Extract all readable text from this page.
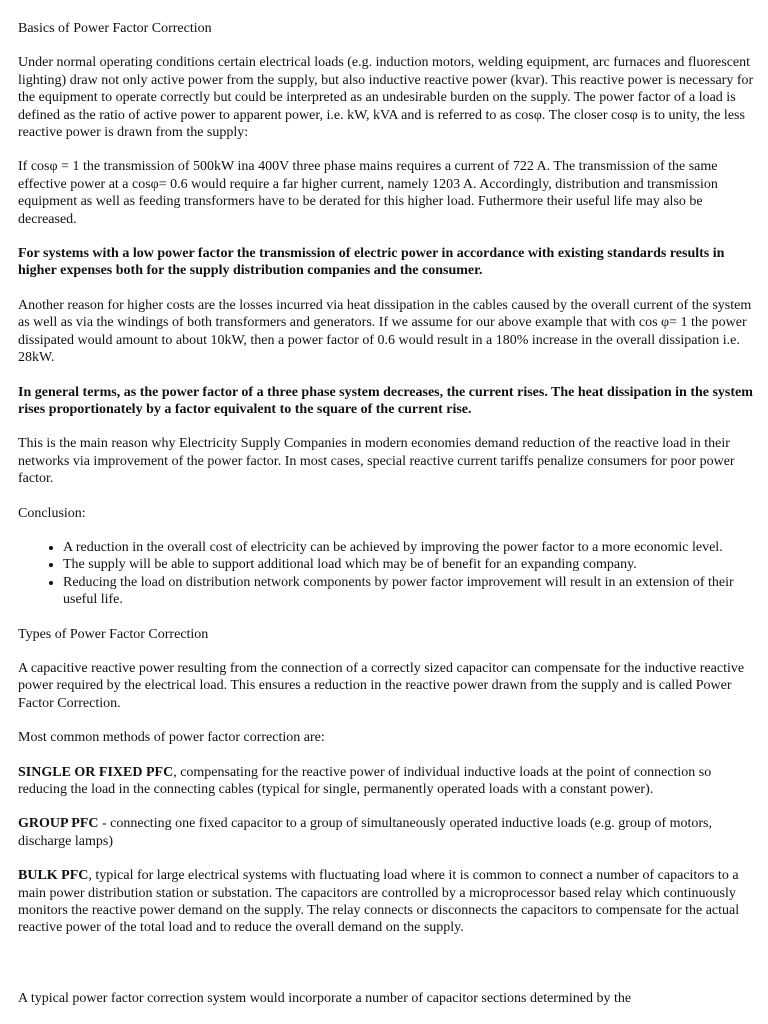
Basics of Power Factor Correction

Under normal operating conditions certain electrical loads (e.g. induction motors, welding equipment, arc furnaces and fluorescent lighting) draw not only active power from the supply, but also inductive reactive power (kvar). This reactive power is necessary for the equipment to operate correctly but could be interpreted as an undesirable burden on the supply. The power factor of a load is defined as the ratio of active power to apparent power, i.e. kW, kVA and is referred to as cosφ. The closer cosφ is to unity, the less reactive power is drawn from the supply:

If cosφ = 1 the transmission of 500kW ina 400V three phase mains requires a current of 722 A. The transmission of the same effective power at a cosφ= 0.6 would require a far higher current, namely 1203 A. Accordingly, distribution and transmission equipment as well as feeding transformers have to be derated for this higher load. Futhermore their useful life may also be decreased.

For systems with a low power factor the transmission of electric power in accordance with existing standards results in higher expenses both for the supply distribution companies and the consumer.

Another reason for higher costs are the losses incurred via heat dissipation in the cables caused by the overall current of the system as well as via the windings of both transformers and generators. If we assume for our above example that with cos φ= 1 the power dissipated would amount to about 10kW, then a power factor of 0.6 would result in a 180% increase in the overall dissipation i.e. 28kW.

In general terms, as the power factor of a three phase system decreases, the current rises. The heat dissipation in the system rises proportionately by a factor equivalent to the square of the current rise.

This is the main reason why Electricity Supply Companies in modern economies demand reduction of the reactive load in their networks via improvement of the power factor. In most cases, special reactive current tariffs penalize consumers for poor power factor.

Conclusion:

• A reduction in the overall cost of electricity can be achieved by improving the power factor to a more economic level.
• The supply will be able to support additional load which may be of benefit for an expanding company.
• Reducing the load on distribution network components by power factor improvement will result in an extension of their useful life.

Types of Power Factor Correction

A capacitive reactive power resulting from the connection of a correctly sized capacitor can compensate for the inductive reactive power required by the electrical load. This ensures a reduction in the reactive power drawn from the supply and is called Power Factor Correction.

Most common methods of power factor correction are:

SINGLE OR FIXED PFC, compensating for the reactive power of individual inductive loads at the point of connection so reducing the load in the connecting cables (typical for single, permanently operated loads with a constant power).

GROUP PFC - connecting one fixed capacitor to a group of simultaneously operated inductive loads (e.g. group of motors, discharge lamps)

BULK PFC, typical for large electrical systems with fluctuating load where it is common to connect a number of capacitors to a main power distribution station or substation. The capacitors are controlled by a microprocessor based relay which continuously monitors the reactive power demand on the supply. The relay connects or disconnects the capacitors to compensate for the actual reactive power of the total load and to reduce the overall demand on the supply.

A typical power factor correction system would incorporate a number of capacitor sections determined by the
